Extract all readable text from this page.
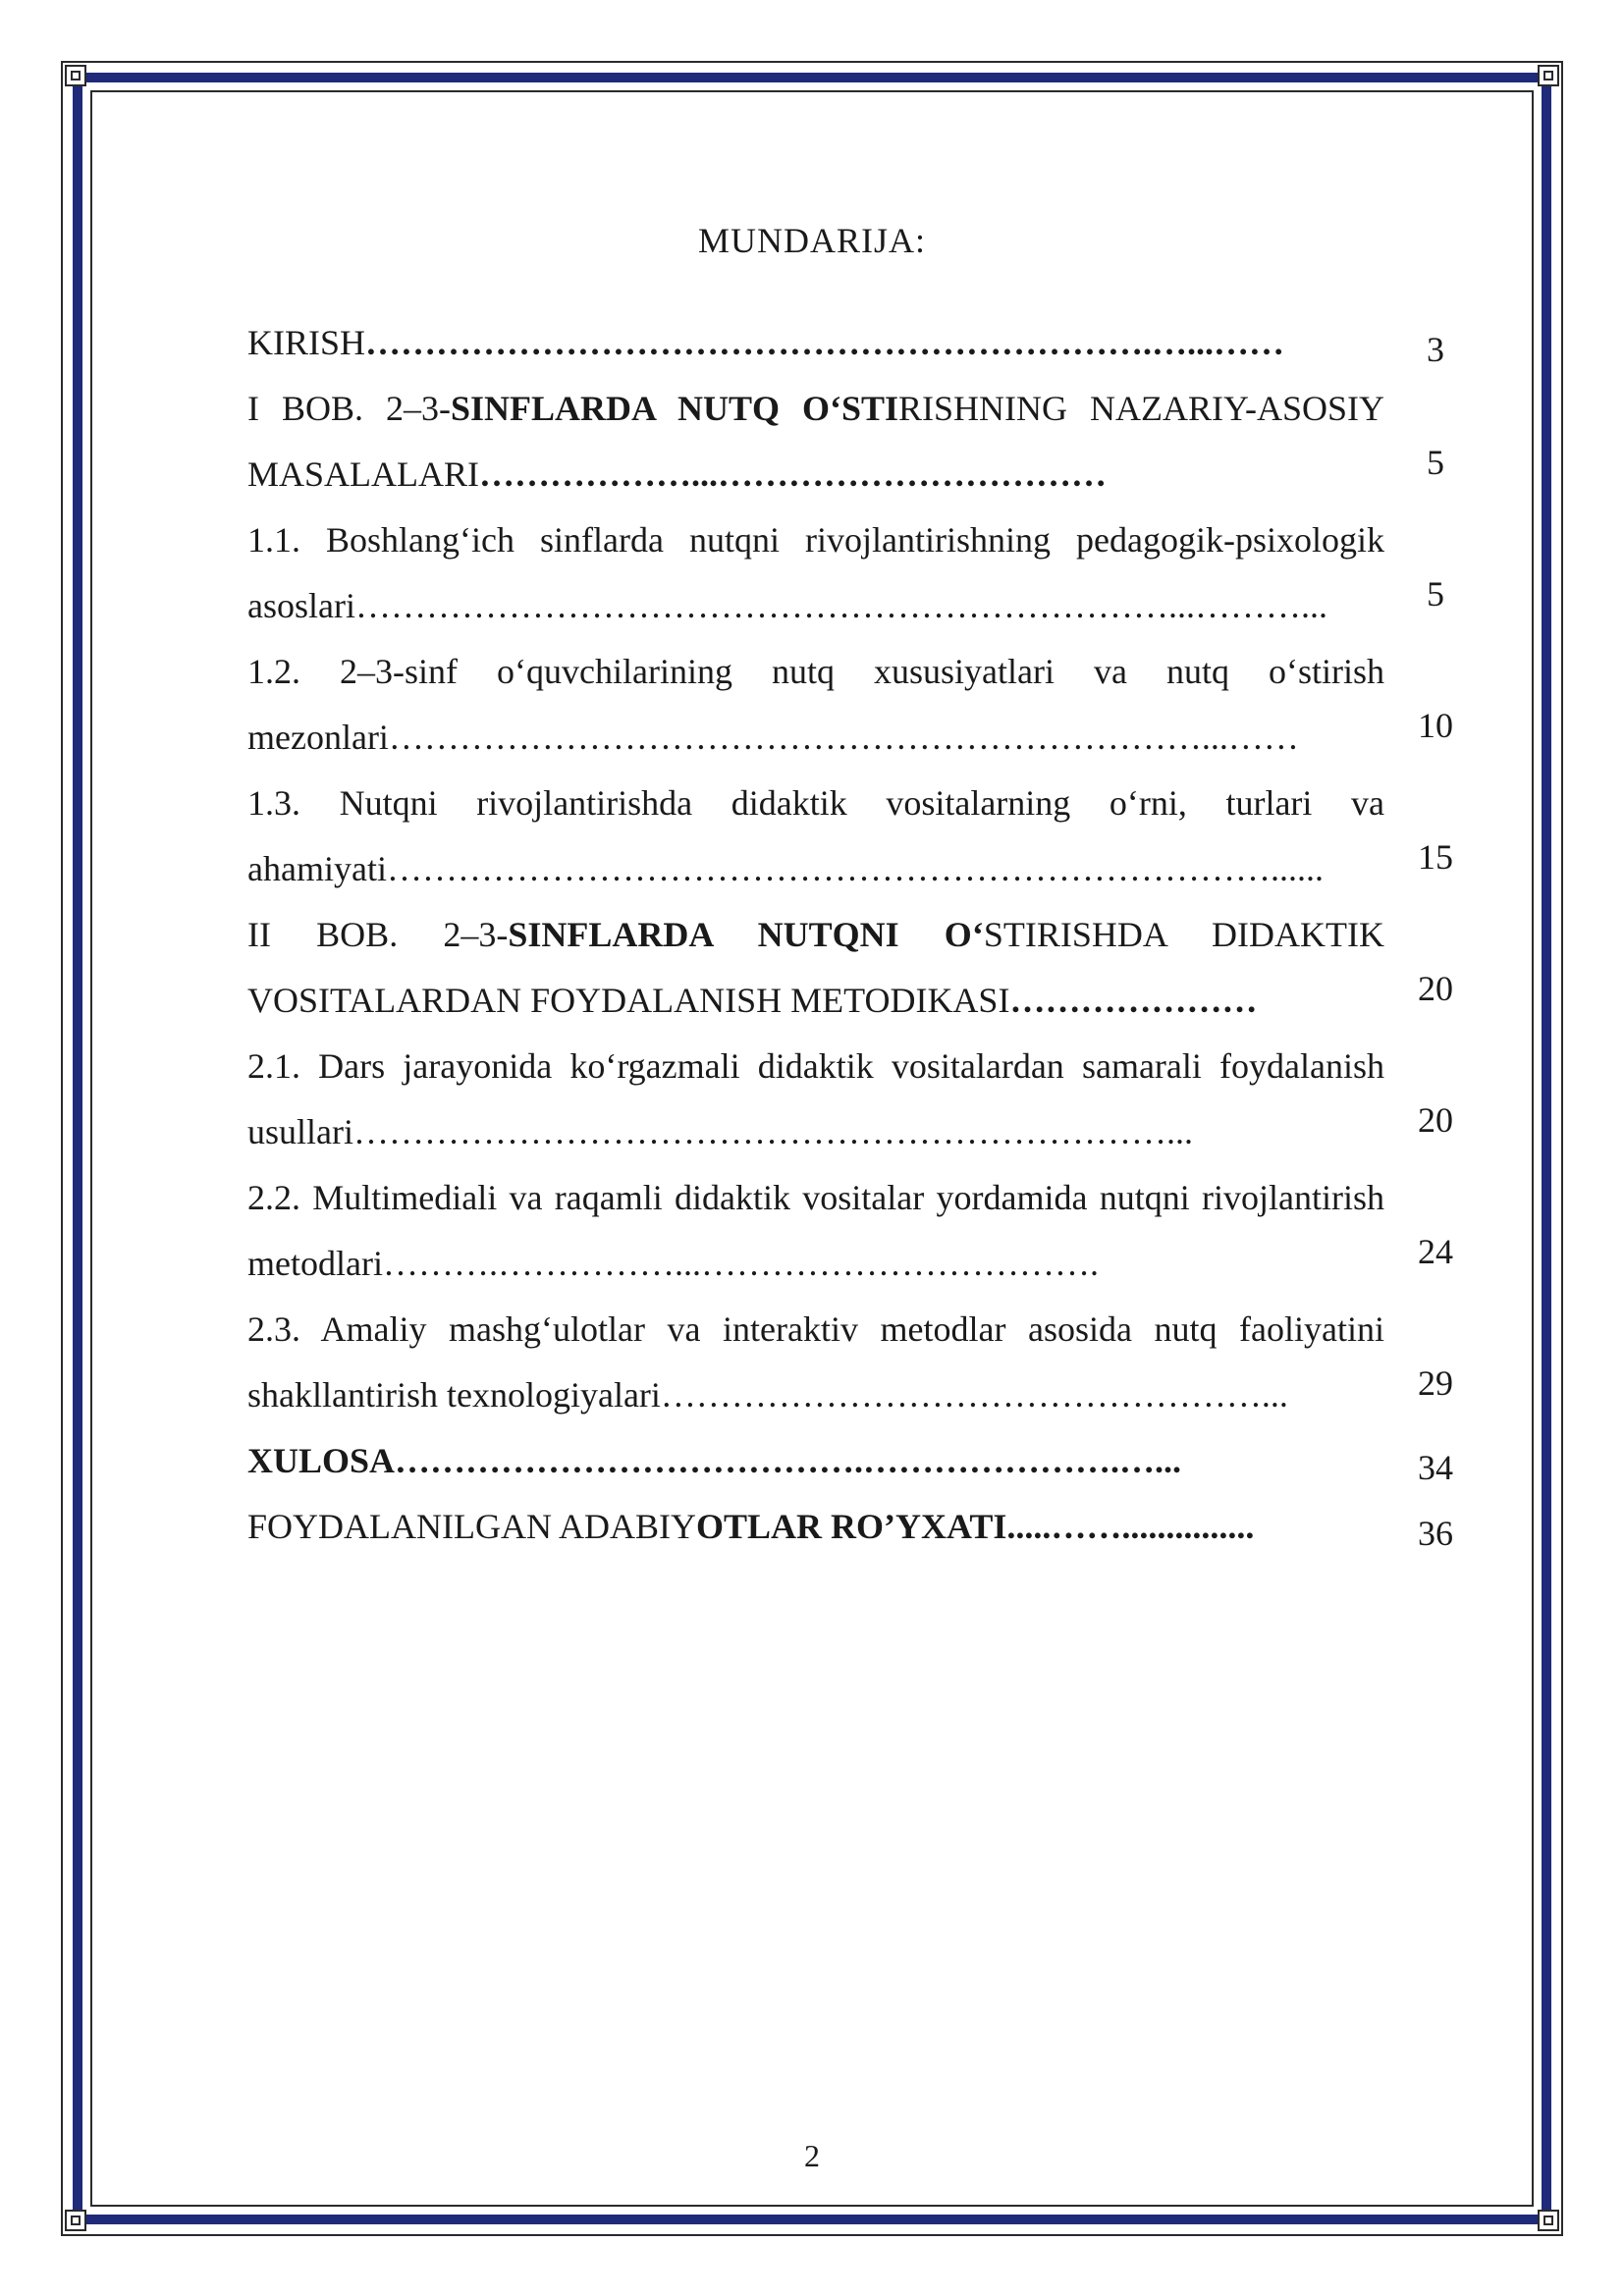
MUNDARIJA:
KIRISH………………………………………………………….…...……	3
I BOB. 2–3-SINFLARDA NUTQ O‘STIRISHNING NAZARIY-ASOSIY MASALALARI………………...……………………………	5
1.1. Boshlang‘ich sinflarda nutqni rivojlantirishning pedagogik-psixologik asoslari……………………………………………………………...………...	5
1.2. 2–3-sinf o‘quvchilarining nutq xususiyatlari va nutq o‘stirish mezonlari……………………………………………………………...……	10
1.3. Nutqni rivojlantirishda didaktik vositalarning o‘rni, turlari va ahamiyati…………………………………………………………………......	15
II BOB. 2–3-SINFLARDA NUTQNI O‘STIRISHDA DIDAKTIK VOSITALARDAN FOYDALANISH METODIKASI…………………	20
2.1. Dars jarayonida ko‘rgazmali didaktik vositalardan samarali foydalanish usullari……………………………………………………………...	20
2.2. Multimediali va raqamli didaktik vositalar yordamida nutqni rivojlantirish metodlari……….……………...…………………………….	24
2.3. Amaliy mashg‘ulotlar va interaktiv metodlar asosida nutq faoliyatini shakllantirish texnologiyalari……………………………………………...	29
XULOSA………………………………….………………….…...	34
FOYDALANILGAN ADABIYOTLAR RO’YXATI.....……...............	36
2
